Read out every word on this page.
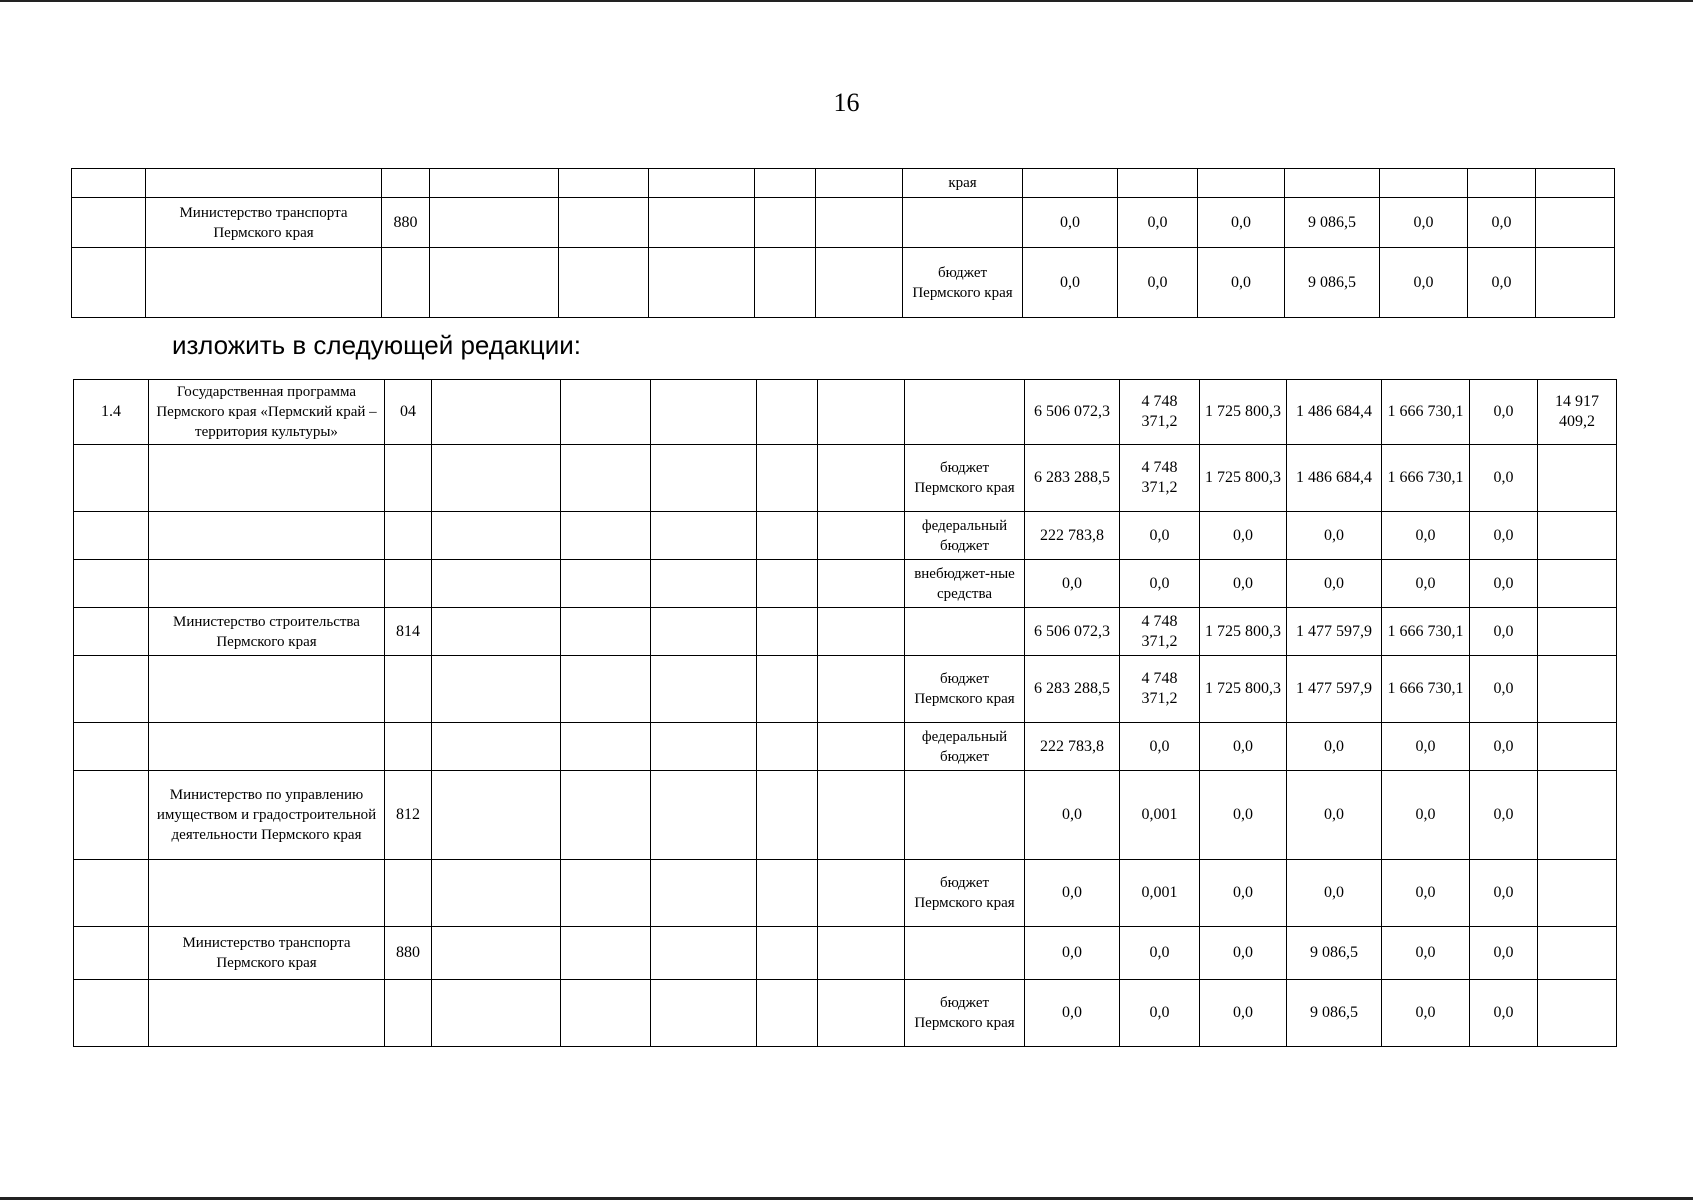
16
								края							
	Министерство транспорта Пермского края	880							0,0	0,0	0,0	9 086,5	0,0	0,0	
								бюджет Пермского края	0,0	0,0	0,0	9 086,5	0,0	0,0	
изложить в следующей редакции:
1.4	Государственная программа Пермского края «Пермский край – территория культуры»	04							6 506 072,3	4 748 371,2	1 725 800,3	1 486 684,4	1 666 730,1	0,0	14 917 409,2
								бюджет Пермского края	6 283 288,5	4 748 371,2	1 725 800,3	1 486 684,4	1 666 730,1	0,0	
								федеральный бюджет	222 783,8	0,0	0,0	0,0	0,0	0,0	
								внебюджет-ные средства	0,0	0,0	0,0	0,0	0,0	0,0	
	Министерство строительства Пермского края	814							6 506 072,3	4 748 371,2	1 725 800,3	1 477 597,9	1 666 730,1	0,0	
								бюджет Пермского края	6 283 288,5	4 748 371,2	1 725 800,3	1 477 597,9	1 666 730,1	0,0	
								федеральный бюджет	222 783,8	0,0	0,0	0,0	0,0	0,0	
	Министерство по управлению имуществом и градостроительной деятельности Пермского края	812							0,0	0,001	0,0	0,0	0,0	0,0	
								бюджет Пермского края	0,0	0,001	0,0	0,0	0,0	0,0	
	Министерство транспорта Пермского края	880							0,0	0,0	0,0	9 086,5	0,0	0,0	
								бюджет Пермского края	0,0	0,0	0,0	9 086,5	0,0	0,0	
